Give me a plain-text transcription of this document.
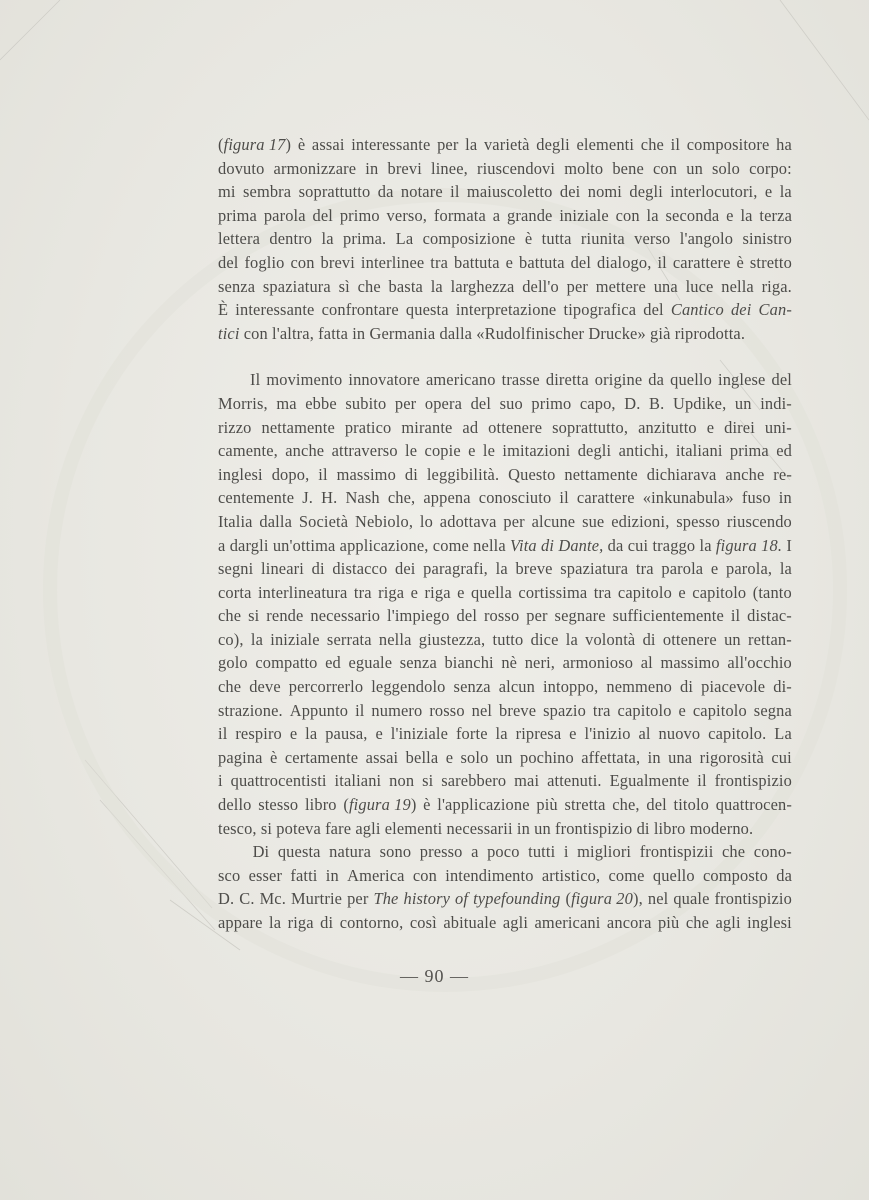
(figura 17) è assai interessante per la varietà degli elementi che il compositore ha
dovuto armonizzare in brevi linee, riuscendovi molto bene con un solo corpo:
mi sembra soprattutto da notare il maiuscoletto dei nomi degli interlocutori, e la
prima parola del primo verso, formata a grande iniziale con la seconda e la terza
lettera dentro la prima. La composizione è tutta riunita verso l'angolo sinistro
del foglio con brevi interlinee tra battuta e battuta del dialogo, il carattere è stretto
senza spaziatura sì che basta la larghezza dell'o per mettere una luce nella riga.
È interessante confrontare questa interpretazione tipografica del Cantico dei Can-
tici con l'altra, fatta in Germania dalla «Rudolfinischer Drucke» già riprodotta.
Il movimento innovatore americano trasse diretta origine da quello inglese del
Morris, ma ebbe subito per opera del suo primo capo, D. B. Updike, un indi-
rizzo nettamente pratico mirante ad ottenere soprattutto, anzitutto e direi uni-
camente, anche attraverso le copie e le imitazioni degli antichi, italiani prima ed
inglesi dopo, il massimo di leggibilità. Questo nettamente dichiarava anche re-
centemente J. H. Nash che, appena conosciuto il carattere «inkunabula» fuso in
Italia dalla Società Nebiolo, lo adottava per alcune sue edizioni, spesso riuscendo
a dargli un'ottima applicazione, come nella Vita di Dante, da cui traggo la figura 18. I
segni lineari di distacco dei paragrafi, la breve spaziatura tra parola e parola, la
corta interlineatura tra riga e riga e quella cortissima tra capitolo e capitolo (tanto
che si rende necessario l'impiego del rosso per segnare sufficientemente il distac-
co), la iniziale serrata nella giustezza, tutto dice la volontà di ottenere un rettan-
golo compatto ed eguale senza bianchi nè neri, armonioso al massimo all'occhio
che deve percorrerlo leggendolo senza alcun intoppo, nemmeno di piacevole di-
strazione. Appunto il numero rosso nel breve spazio tra capitolo e capitolo segna
il respiro e la pausa, e l'iniziale forte la ripresa e l'inizio al nuovo capitolo. La
pagina è certamente assai bella e solo un pochino affettata, in una rigorosità cui
i quattrocentisti italiani non si sarebbero mai attenuti. Egualmente il frontispizio
dello stesso libro (figura 19) è l'applicazione più stretta che, del titolo quattrocen-
tesco, si poteva fare agli elementi necessarii in un frontispizio di libro moderno.
Di questa natura sono presso a poco tutti i migliori frontispizii che cono-
sco esser fatti in America con intendimento artistico, come quello composto da
D. C. Mc. Murtrie per The history of typefounding (figura 20), nel quale frontispizio
appare la riga di contorno, così abituale agli americani ancora più che agli inglesi
— 90 —
